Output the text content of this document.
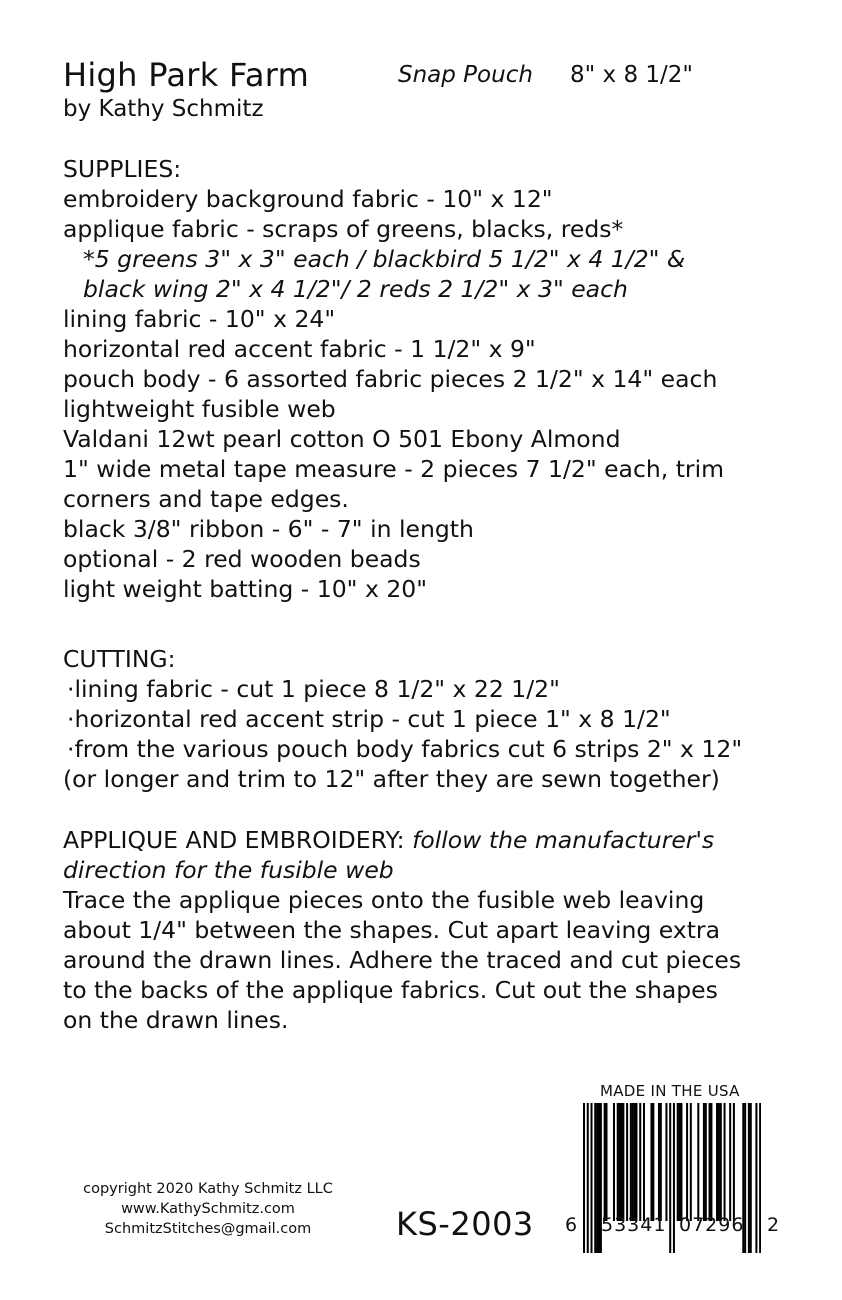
High Park Farm
by Kathy Schmitz
Snap Pouch 8" x 8 1/2"

SUPPLIES:

embroidery background fabric - 10" x 12"

applique fabric - scraps of greens, blacks, reds*

*5 greens 3" x 3" each / blackbird 5 1/2" x 4 1/2" &

black wing 2" x 4 1/2"/ 2 reds 2 1/2" x 3" each

lining fabric - 10" x 24"

horizontal red accent fabric - 1 1/2" x 9"

pouch body - 6 assorted fabric pieces 2 1/2" x 14" each

lightweight fusible web

Valdani 12wt pearl cotton O 501 Ebony Almond

1" wide metal tape measure - 2 pieces 7 1/2" each, trim

corners and tape edges.

black 3/8" ribbon - 6" - 7" in length

optional - 2 red wooden beads

light weight batting - 10" x 20"

CUTTING:

·lining fabric - cut 1 piece 8 1/2" x 22 1/2"

·horizontal red accent strip - cut 1 piece 1" x 8 1/2"

·from the various pouch body fabrics cut 6 strips 2" x 12"

(or longer and trim to 12" after they are sewn together)

APPLIQUE AND EMBROIDERY: follow the manufacturer's

direction for the fusible web

Trace the applique pieces onto the fusible web leaving

about 1/4" between the shapes. Cut apart leaving extra

around the drawn lines. Adhere the traced and cut pieces

to the backs of the applique fabrics. Cut out the shapes

on the drawn lines.

MADE IN THE USA
6 53341 07296 2
copyright 2020 Kathy Schmitz LLC
www.KathySchmitz.com
SchmitzStitches@gmail.com	KS-2003
